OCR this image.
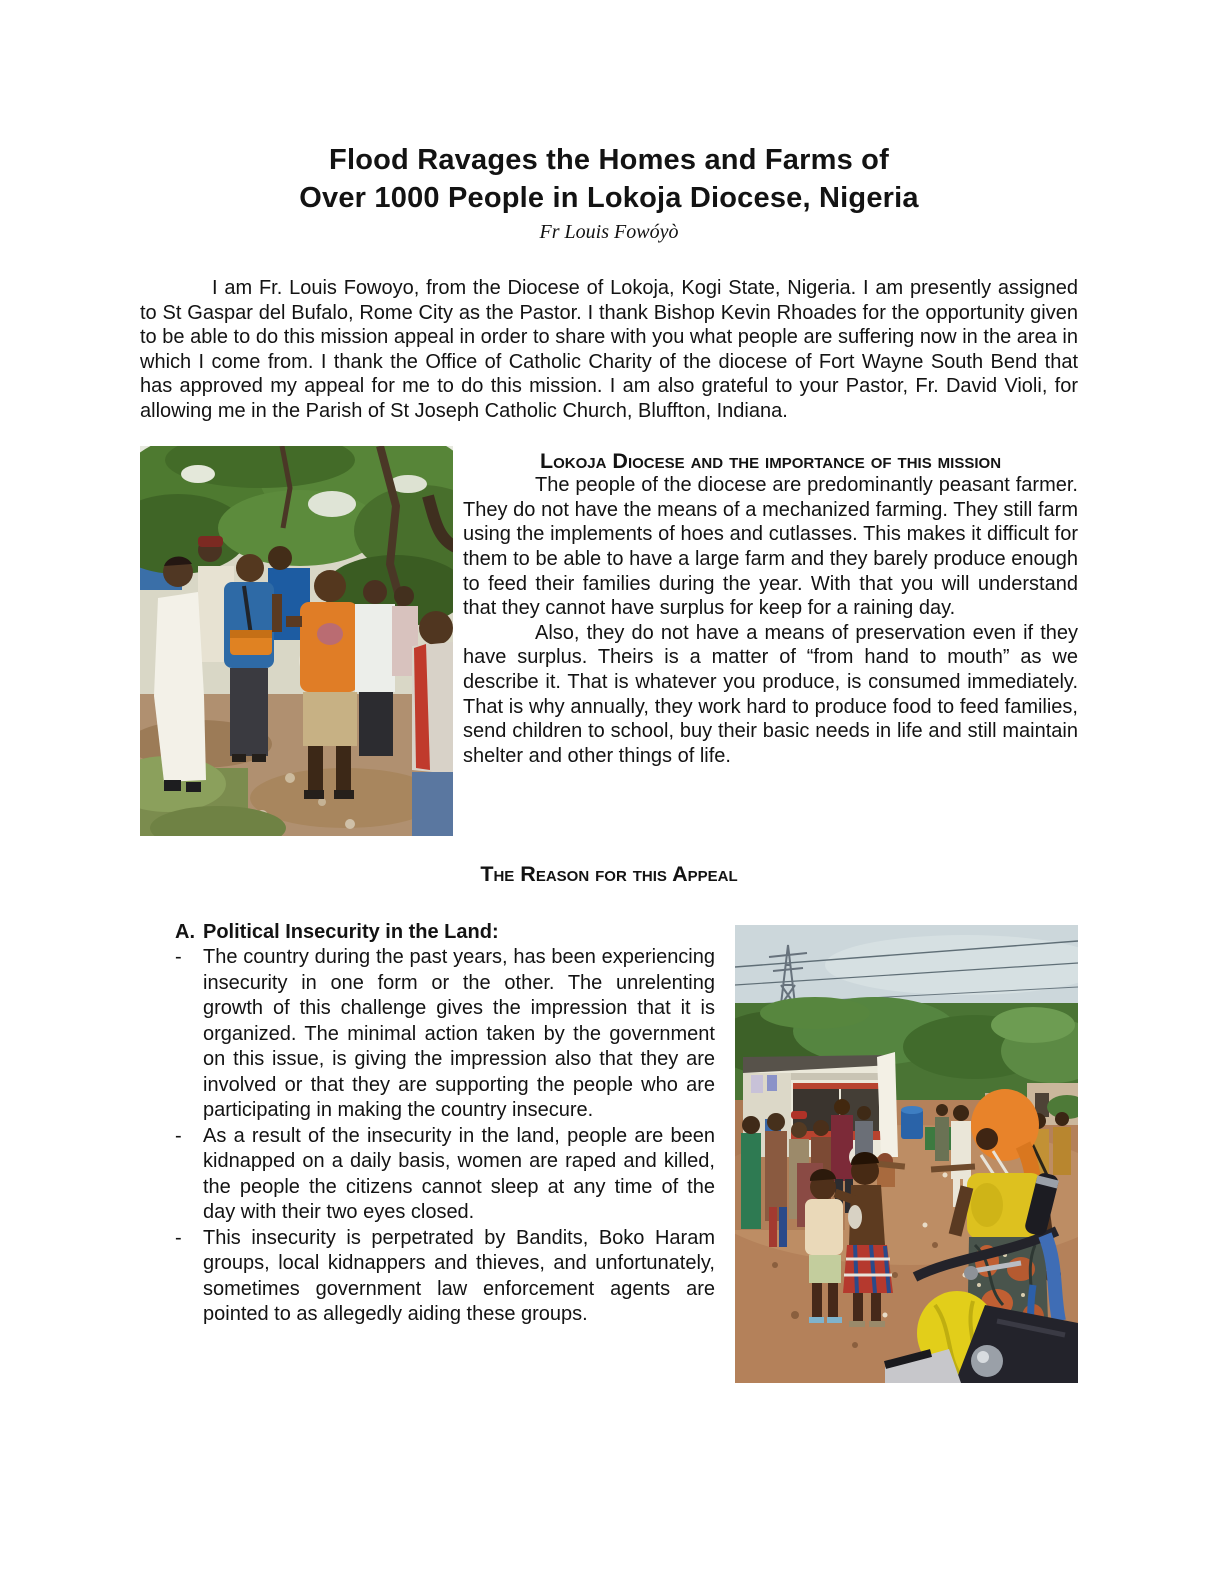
Flood Ravages the Homes and Farms of
Over 1000 People in Lokoja Diocese, Nigeria
Fr Louis Fowóyò

I am Fr. Louis Fowoyo, from the Diocese of Lokoja, Kogi State, Nigeria. I am presently assigned to St Gaspar del Bufalo, Rome City as the Pastor. I thank Bishop Kevin Rhoades for the opportunity given to be able to do this mission appeal in order to share with you what people are suffering now in the area in which I come from. I thank the Office of Catholic Charity of the diocese of Fort Wayne South Bend that has approved my appeal for me to do this mission. I am also grateful to your Pastor, Fr. David Violi, for allowing me in the Parish of St Joseph Catholic Church, Bluffton, Indiana.

Lokoja Diocese and the importance of this mission

The people of the diocese are predominantly peasant farmer. They do not have the means of a mechanized farming. They still farm using the implements of hoes and cutlasses. This makes it difficult for them to be able to have a large farm and they barely produce enough to feed their families during the year. With that you will understand that they cannot have surplus for keep for a raining day.

Also, they do not have a means of preservation even if they have surplus. Theirs is a matter of “from hand to mouth” as we describe it. That is whatever you produce, is consumed immediately. That is why annually, they work hard to produce food to feed families, send children to school, buy their basic needs in life and still maintain shelter and other things of life.

The Reason for this Appeal
A. Political Insecurity in the Land:
-	The country during the past years, has been experiencing insecurity in one form or the other. The unrelenting growth of this challenge gives the impression that it is organized. The minimal action taken by the government on this issue, is giving the impression also that they are involved or that they are supporting the people who are participating in making the country insecure.

-	As a result of the insecurity in the land, people are been kidnapped on a daily basis, women are raped and killed, the people the citizens cannot sleep at any time of the day with their two eyes closed.

-	This insecurity is perpetrated by Bandits, Boko Haram groups, local kidnappers and thieves, and unfortunately, sometimes government law enforcement agents are pointed to as allegedly aiding these groups.
